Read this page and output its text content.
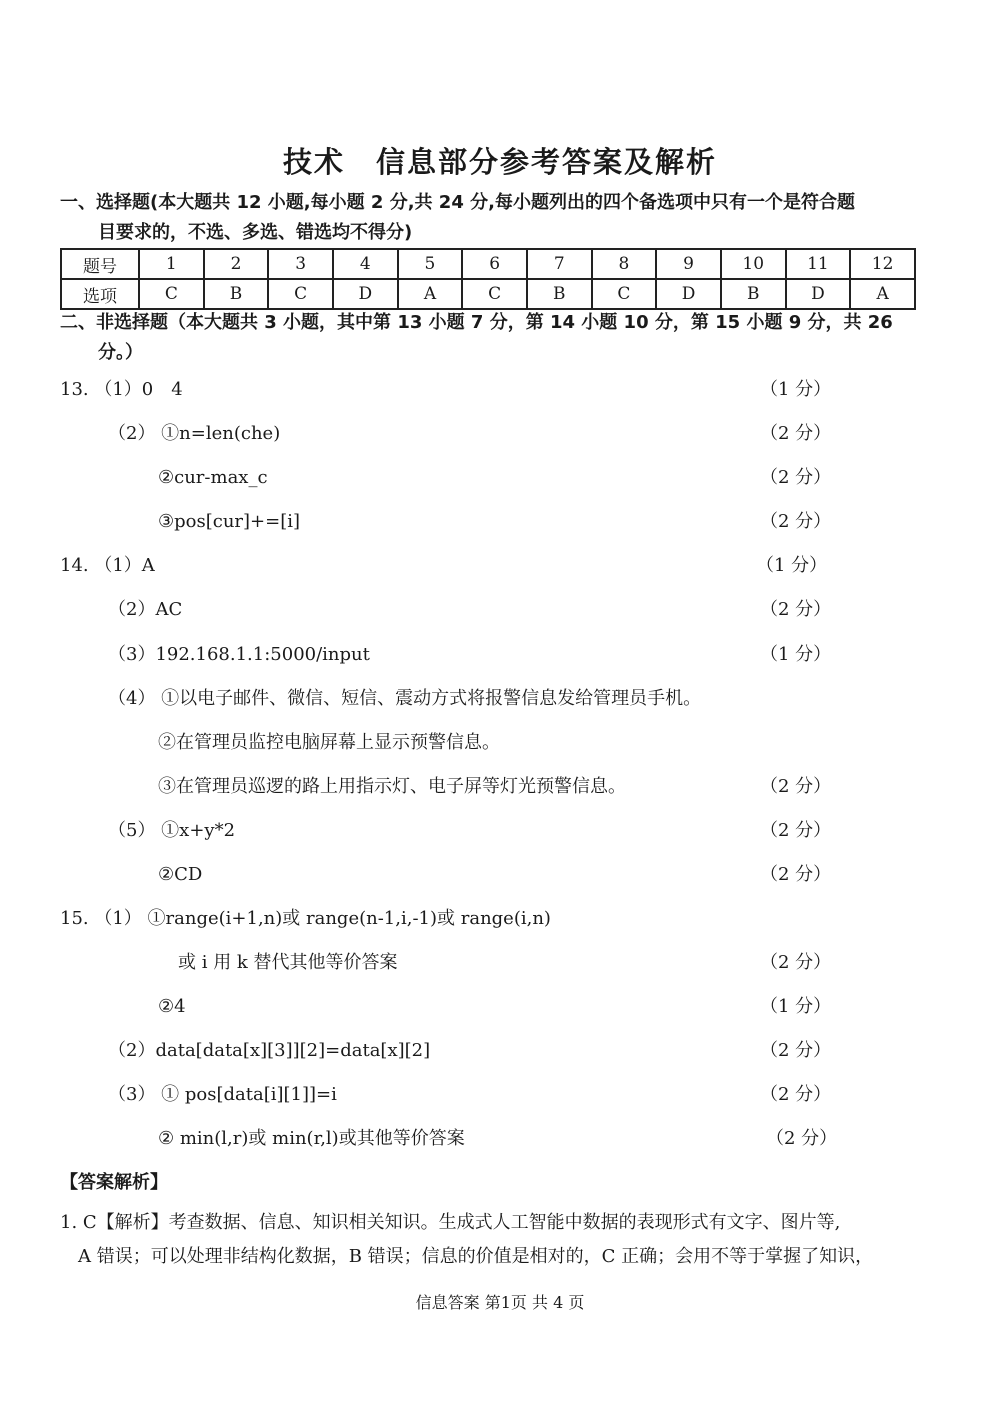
技术　信息部分参考答案及解析
一、选择题(本大题共 12 小题,每小题 2 分,共 24 分,每小题列出的四个备选项中只有一个是符合题
目要求的，不选、多选、错选均不得分)
题号	1	2	3	4	5	6	7	8	9	10	11	12
选项	C	B	C	D	A	C	B	C	D	B	D	A
二、非选择题（本大题共 3 小题，其中第 13 小题 7 分，第 14 小题 10 分，第 15 小题 9 分，共 26
分。）
13. （1）0　4	（1 分）
（2） ①n=len(che)	（2 分）
②cur-max_c	（2 分）
③pos[cur]+=[i]	（2 分）
14. （1）A	（1 分）
（2）AC	（2 分）
（3）192.168.1.1:5000/input	（1 分）
（4） ①以电子邮件、微信、短信、震动方式将报警信息发给管理员手机。
②在管理员监控电脑屏幕上显示预警信息。
③在管理员巡逻的路上用指示灯、电子屏等灯光预警信息。	（2 分）
（5） ①x+y*2	（2 分）
②CD	（2 分）
15. （1） ①range(i+1,n)或 range(n-1,i,-1)或 range(i,n)
或 i 用 k 替代其他等价答案	（2 分）
②4	（1 分）
（2）data[data[x][3]][2]=data[x][2]	（2 分）
（3） ① pos[data[i][1]]=i	（2 分）
② min(l,r)或 min(r,l)或其他等价答案	（2 分）
【答案解析】
1. C【解析】考查数据、信息、知识相关知识。生成式人工智能中数据的表现形式有文字、图片等,
A 错误；可以处理非结构化数据，B 错误；信息的价值是相对的，C 正确；会用不等于掌握了知识，
信息答案 第1页 共 4 页
